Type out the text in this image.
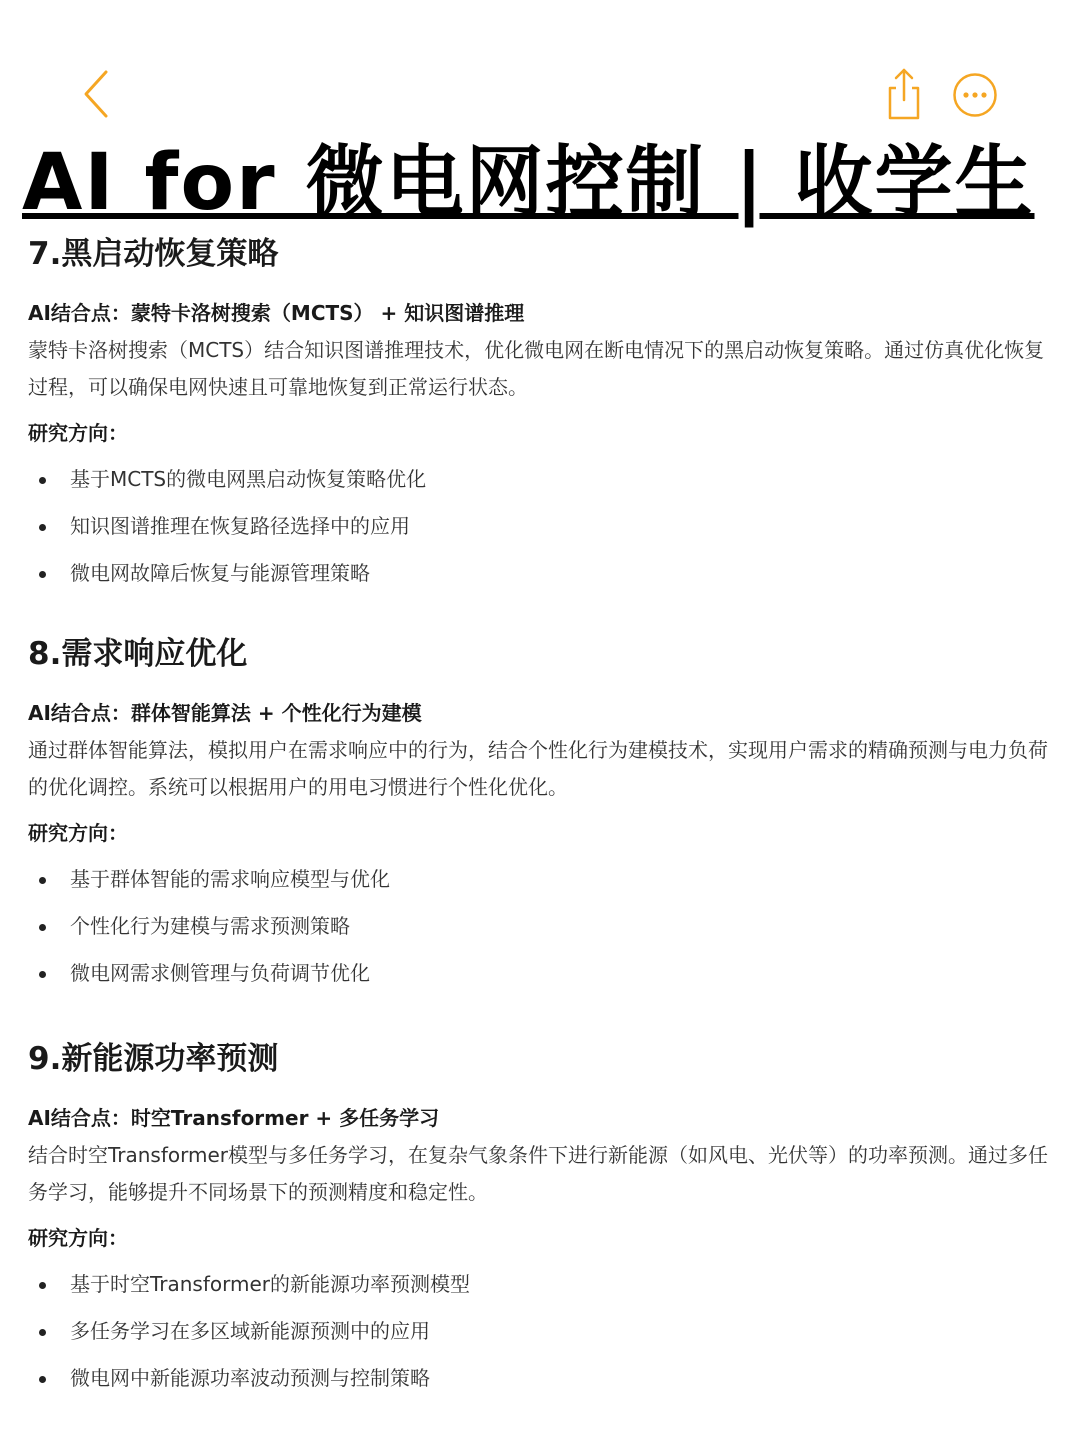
AI for 微电网控制 | 收学生
7.黑启动恢复策略
AI结合点：蒙特卡洛树搜索（MCTS） + 知识图谱推理
蒙特卡洛树搜索（MCTS）结合知识图谱推理技术，优化微电网在断电情况下的黑启动恢复策略。通过仿真优化恢复过程，可以确保电网快速且可靠地恢复到正常运行状态。
研究方向：
基于MCTS的微电网黑启动恢复策略优化
知识图谱推理在恢复路径选择中的应用
微电网故障后恢复与能源管理策略
8.需求响应优化
AI结合点：群体智能算法 + 个性化行为建模
通过群体智能算法，模拟用户在需求响应中的行为，结合个性化行为建模技术，实现用户需求的精确预测与电力负荷的优化调控。系统可以根据用户的用电习惯进行个性化优化。
研究方向：
基于群体智能的需求响应模型与优化
个性化行为建模与需求预测策略
微电网需求侧管理与负荷调节优化
9.新能源功率预测
AI结合点：时空Transformer + 多任务学习
结合时空Transformer模型与多任务学习，在复杂气象条件下进行新能源（如风电、光伏等）的功率预测。通过多任务学习，能够提升不同场景下的预测精度和稳定性。
研究方向：
基于时空Transformer的新能源功率预测模型
多任务学习在多区域新能源预测中的应用
微电网中新能源功率波动预测与控制策略
